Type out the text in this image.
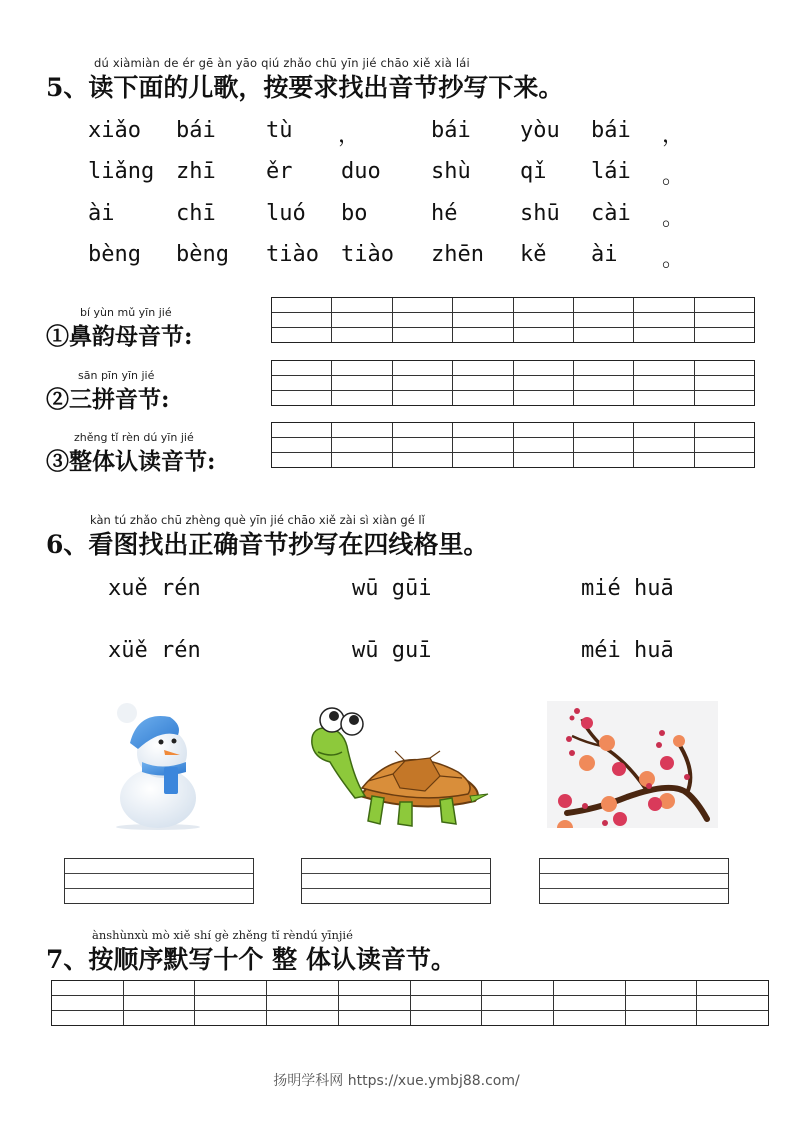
dú xiàmiàn de ér gē àn yāo qiú zhǎo chū yīn jié chāo xiě xià lái
5、读下面的儿歌，按要求找出音节抄写下来。
xiǎo bái tù ，	bái yòu bái ，
liǎng zhī ěr duo shù qǐ lái 。
ài	chī luó bo	hé	shū cài 。
bèng bèng tiào tiào zhēn kě ài 。
bí yùn mǔ yīn jié
①鼻韵母音节:
sān pīn yīn jié
②三拼音节:
zhěng tǐ rèn dú yīn jié
③整体认读音节:
kàn tú zhǎo chū zhèng què yīn jié chāo xiě zài sì xiàn gé lǐ
6、看图找出正确音节抄写在四线格里。
xuě rén	wū gūi	mié huā
xüě rén	wū guī	méi huā
ànshùnxù mò xiě shí gè zhěng tǐ rèndú yīnjié
7、按顺序默写十个 整 体认读音节。
扬明学科网 https://xue.ymbj88.com/
